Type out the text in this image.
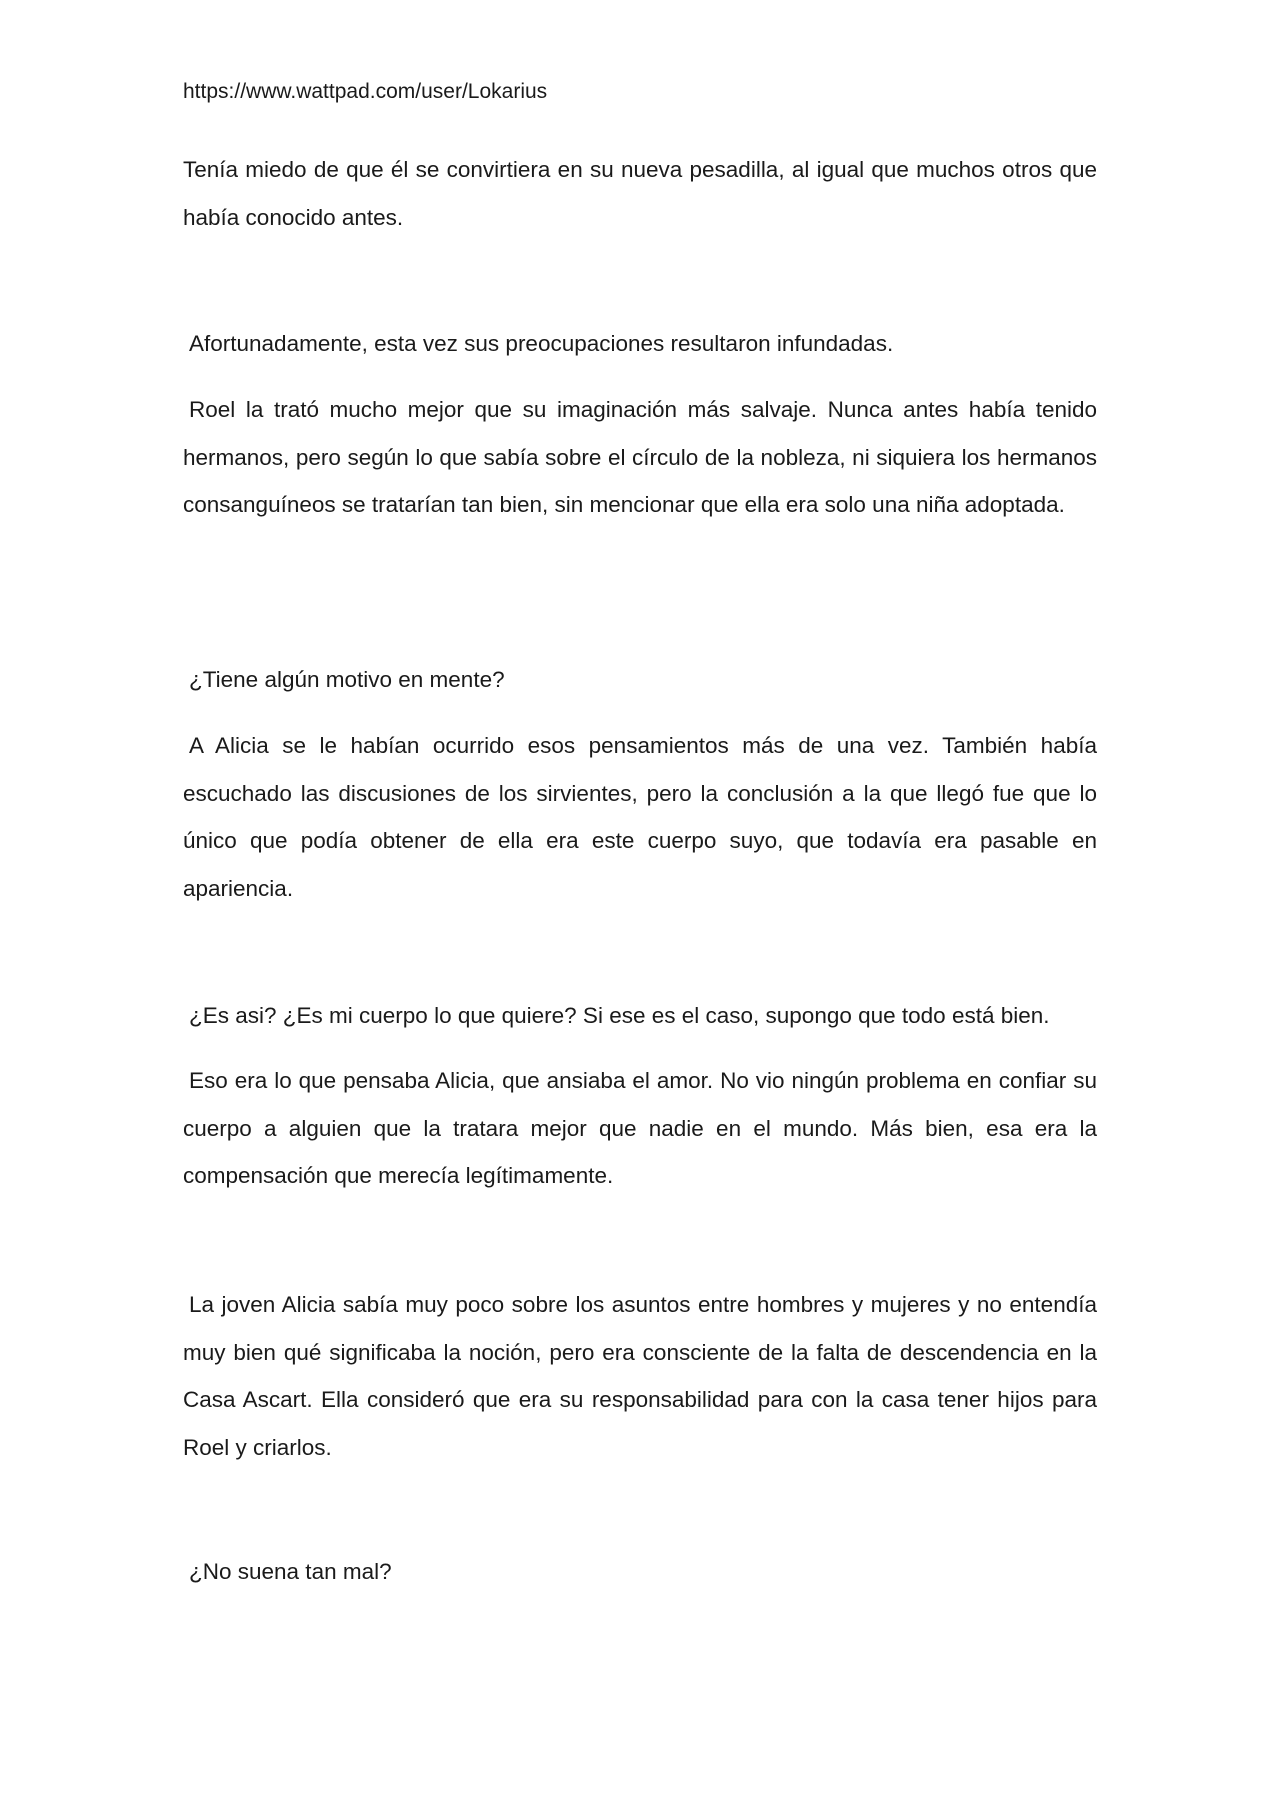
https://www.wattpad.com/user/Lokarius

Tenía miedo de que él se convirtiera en su nueva pesadilla, al igual que muchos otros que había conocido antes.

Afortunadamente, esta vez sus preocupaciones resultaron infundadas.

Roel la trató mucho mejor que su imaginación más salvaje. Nunca antes había tenido hermanos, pero según lo que sabía sobre el círculo de la nobleza, ni siquiera los hermanos consanguíneos se tratarían tan bien, sin mencionar que ella era solo una niña adoptada.

¿Tiene algún motivo en mente?

A Alicia se le habían ocurrido esos pensamientos más de una vez. También había escuchado las discusiones de los sirvientes, pero la conclusión a la que llegó fue que lo único que podía obtener de ella era este cuerpo suyo, que todavía era pasable en apariencia.

¿Es asi? ¿Es mi cuerpo lo que quiere? Si ese es el caso, supongo que todo está bien.

Eso era lo que pensaba Alicia, que ansiaba el amor. No vio ningún problema en confiar su cuerpo a alguien que la tratara mejor que nadie en el mundo. Más bien, esa era la compensación que merecía legítimamente.

La joven Alicia sabía muy poco sobre los asuntos entre hombres y mujeres y no entendía muy bien qué significaba la noción, pero era consciente de la falta de descendencia en la Casa Ascart. Ella consideró que era su responsabilidad para con la casa tener hijos para Roel y criarlos.

¿No suena tan mal?
